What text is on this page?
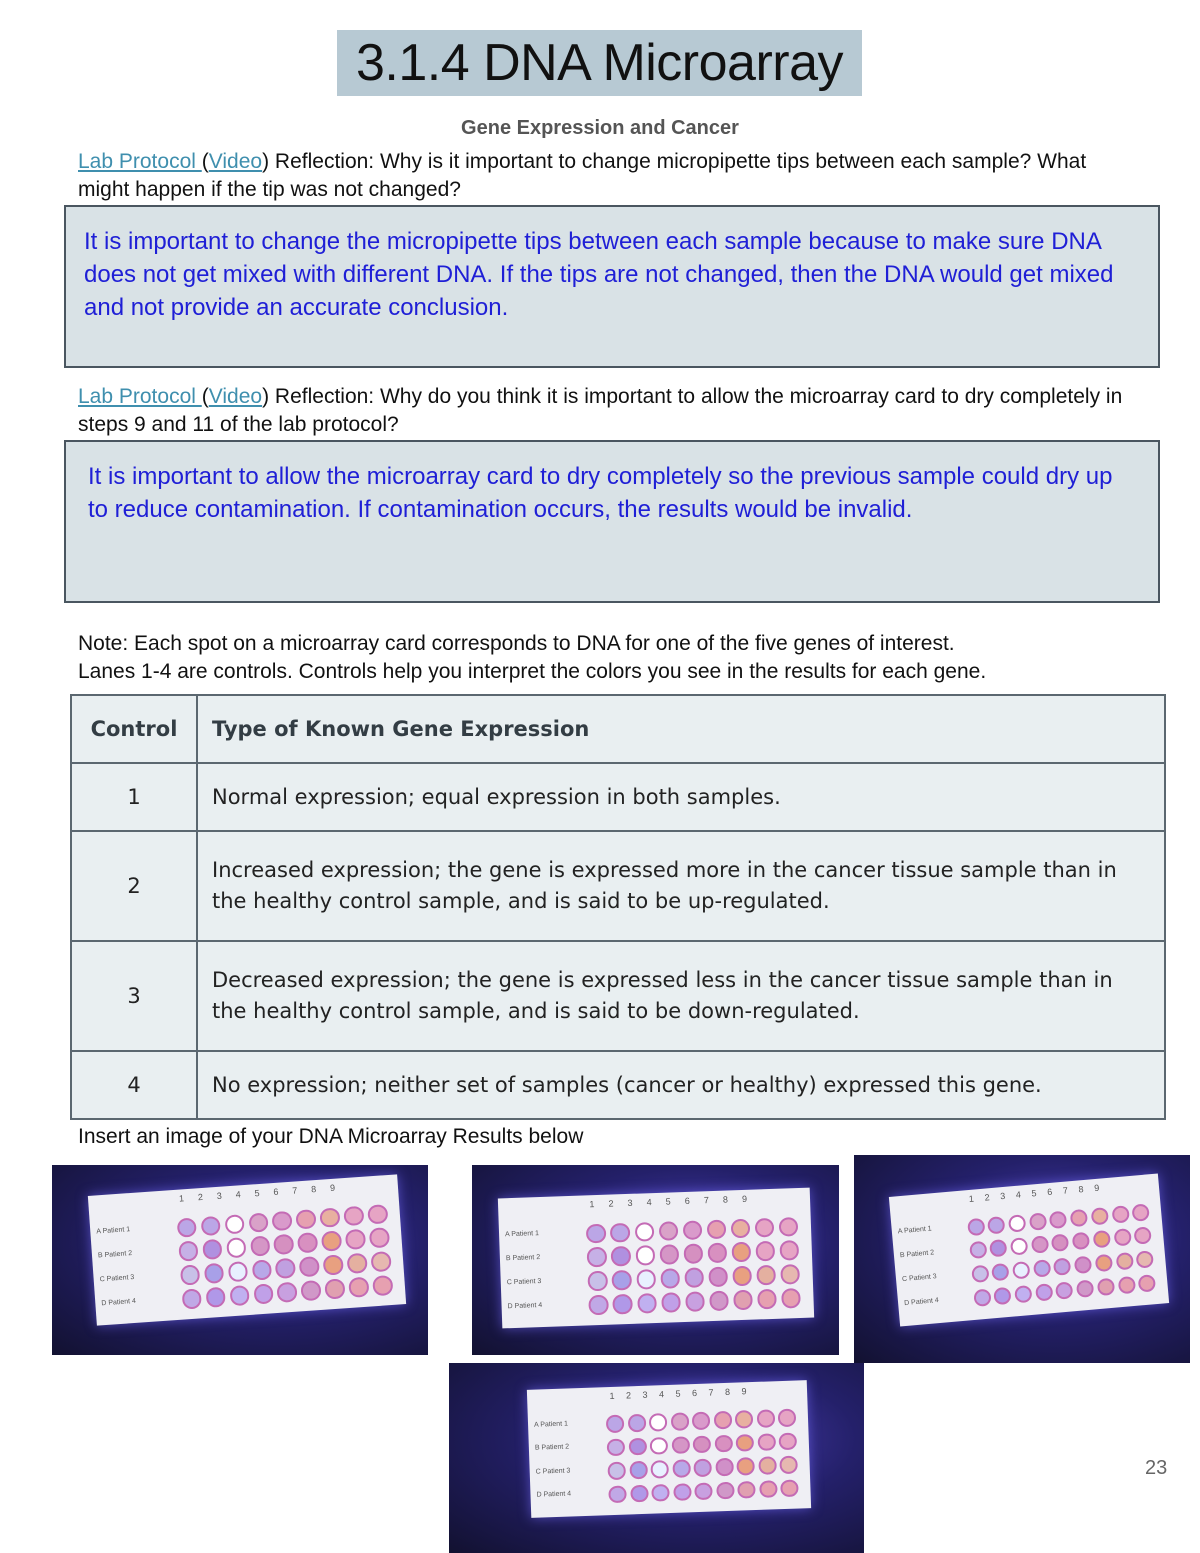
3.1.4 DNA Microarray
Gene Expression and Cancer
Lab Protocol (Video) Reflection: Why is it important to change micropipette tips between each sample? What might happen if the tip was not changed?
It is important to change the micropipette tips between each sample because to make sure DNA does not get mixed with different DNA. If the tips are not changed, then the DNA would get mixed and not provide an accurate conclusion.
Lab Protocol (Video) Reflection: Why do you think it is important to allow the microarray card to dry completely in steps 9 and 11 of the lab protocol?
It is important to allow the microarray card to dry completely so the previous sample could dry up to reduce contamination. If contamination occurs, the results would be invalid.
Note: Each spot on a microarray card corresponds to DNA for one of the five genes of interest.
Lanes 1-4 are controls. Controls help you interpret the colors you see in the results for each gene.
Control	Type of Known Gene Expression
1	Normal expression; equal expression in both samples.
2	Increased expression; the gene is expressed more in the cancer tissue sample than in the healthy control sample, and is said to be up-regulated.
3	Decreased expression; the gene is expressed less in the cancer tissue sample than in the healthy control sample, and is said to be down-regulated.
4	No expression; neither set of samples (cancer or healthy) expressed this gene.
Insert an image of your DNA Microarray Results below
123456789
A Patient 1
B Patient 2
C Patient 3
D Patient 4
123456789
A Patient 1
B Patient 2
C Patient 3
D Patient 4
123456789
A Patient 1
B Patient 2
C Patient 3
D Patient 4
123456789
A Patient 1
B Patient 2
C Patient 3
D Patient 4
23
